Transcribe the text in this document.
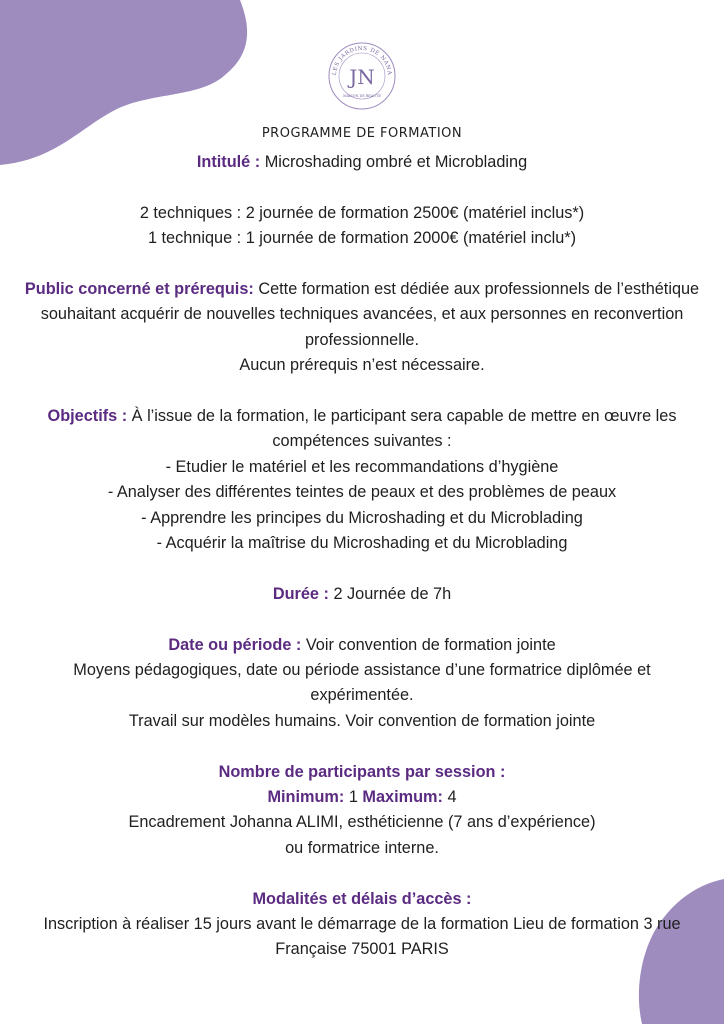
LES JARDINS DE NANA
JN
MAISON DE BEAUTÉ
PROGRAMME DE FORMATION

Intitulé : Microshading ombré et Microblading

2 techniques : 2 journée de formation 2500€ (matériel inclus*)

1 technique : 1 journée de formation 2000€ (matériel inclu*)

Public concerné et prérequis: Cette formation est dédiée aux professionnels de l’esthétique souhaitant acquérir de nouvelles techniques avancées, et aux personnes en reconvertion professionnelle.

Aucun prérequis n’est nécessaire.

Objectifs : À l’issue de la formation, le participant sera capable de mettre en œuvre les compétences suivantes :

- Etudier le matériel et les recommandations d’hygiène

- Analyser des différentes teintes de peaux et des problèmes de peaux

- Apprendre les principes du Microshading et du Microblading

- Acquérir la maîtrise du Microshading et du Microblading

Durée : 2 Journée de 7h

Date ou période : Voir convention de formation jointe

Moyens pédagogiques, date ou période assistance d’une formatrice diplômée et expérimentée.

Travail sur modèles humains. Voir convention de formation jointe

Nombre de participants par session :

Minimum: 1 Maximum: 4

Encadrement Johanna ALIMI, esthéticienne (7 ans d’expérience)

ou formatrice interne.

Modalités et délais d’accès :

Inscription à réaliser 15 jours avant le démarrage de la formation Lieu de formation 3 rue Française 75001 PARIS
